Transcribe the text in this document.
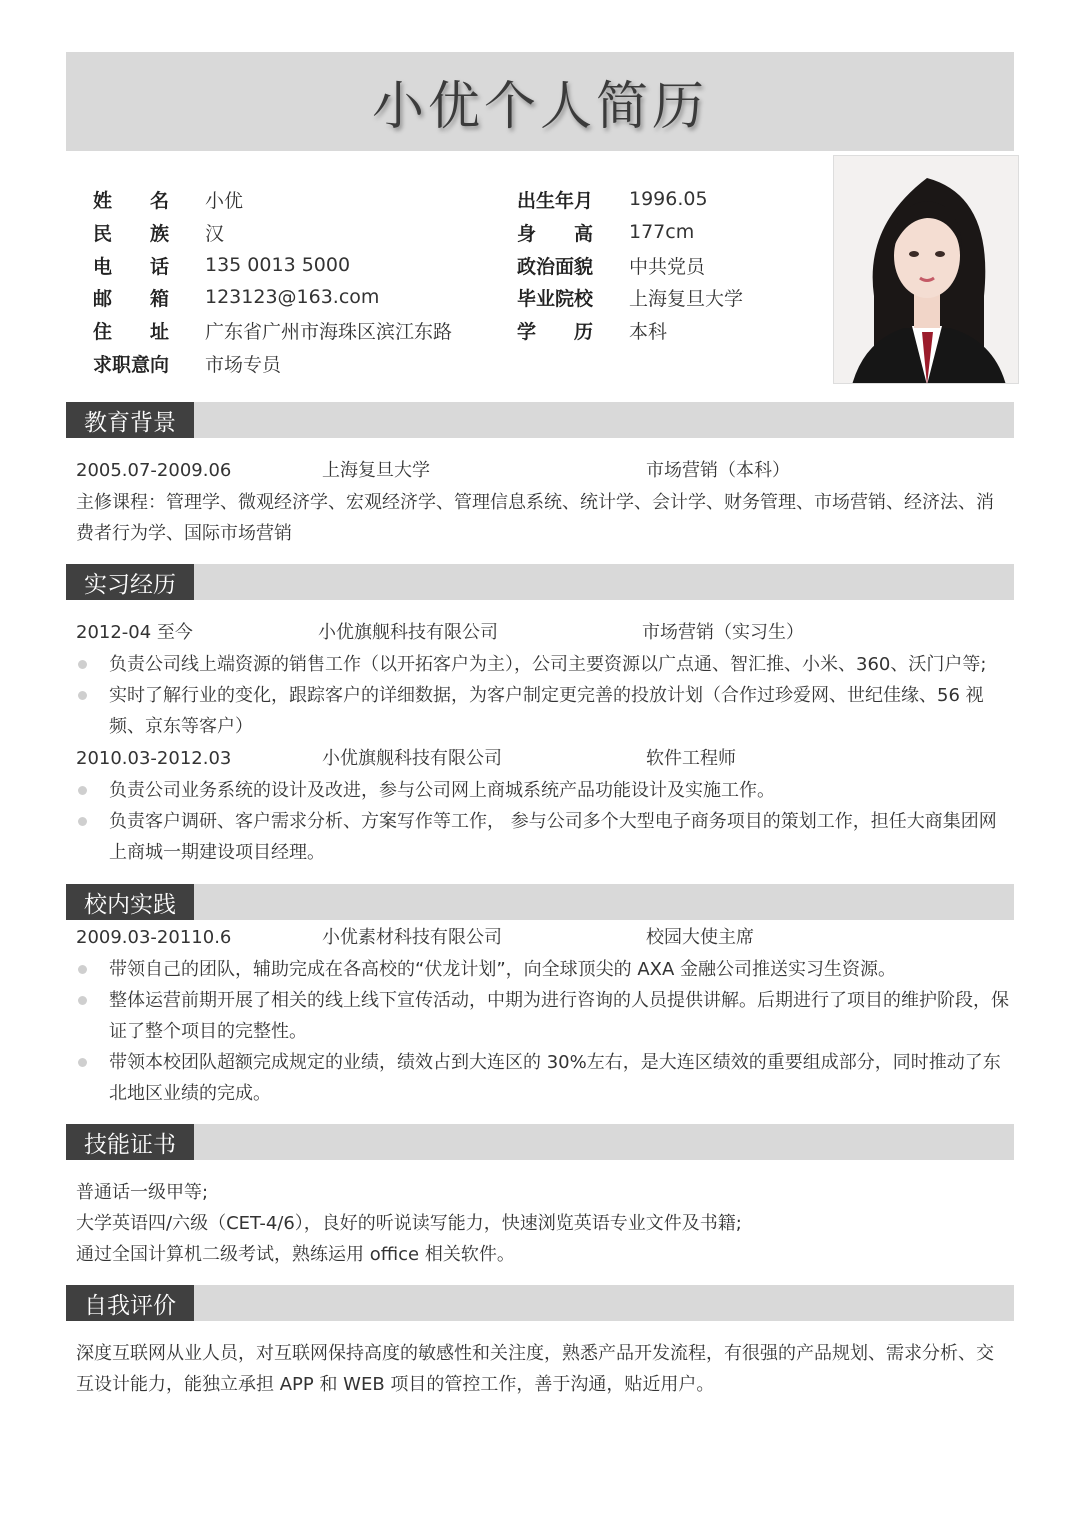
小优个人简历
姓 名 小优
民 族 汉
电 话 135 0013 5000
邮 箱 123123@163.com
住 址 广东省广州市海珠区滨江东路
求职意向 市场专员
出生年月 1996.05
身 高 177cm
政治面貌 中共党员
毕业院校 上海复旦大学
学 历 本科
教育背景
2005.07-2009.06	上海复旦大学	市场营销（本科）
主修课程：管理学、微观经济学、宏观经济学、管理信息系统、统计学、会计学、财务管理、市场营销、经济法、消费者行为学、国际市场营销
实习经历
2012-04 至今	小优旗舰科技有限公司	市场营销（实习生）
负责公司线上端资源的销售工作（以开拓客户为主），公司主要资源以广点通、智汇推、小米、360、沃门户等;
实时了解行业的变化，跟踪客户的详细数据，为客户制定更完善的投放计划（合作过珍爱网、世纪佳缘、56 视频、京东等客户）
2010.03-2012.03	小优旗舰科技有限公司	软件工程师
负责公司业务系统的设计及改进，参与公司网上商城系统产品功能设计及实施工作。
负责客户调研、客户需求分析、方案写作等工作， 参与公司多个大型电子商务项目的策划工作，担任大商集团网上商城一期建设项目经理。
校内实践
2009.03-20110.6	小优素材科技有限公司	校园大使主席
带领自己的团队，辅助完成在各高校的“伏龙计划”，向全球顶尖的 AXA 金融公司推送实习生资源。
整体运营前期开展了相关的线上线下宣传活动，中期为进行咨询的人员提供讲解。后期进行了项目的维护阶段，保证了整个项目的完整性。
带领本校团队超额完成规定的业绩，绩效占到大连区的 30%左右，是大连区绩效的重要组成部分，同时推动了东北地区业绩的完成。
技能证书
普通话一级甲等;
大学英语四/六级（CET-4/6），良好的听说读写能力，快速浏览英语专业文件及书籍;
通过全国计算机二级考试，熟练运用 office 相关软件。
自我评价
深度互联网从业人员，对互联网保持高度的敏感性和关注度，熟悉产品开发流程，有很强的产品规划、需求分析、交互设计能力，能独立承担 APP 和 WEB 项目的管控工作，善于沟通，贴近用户。
